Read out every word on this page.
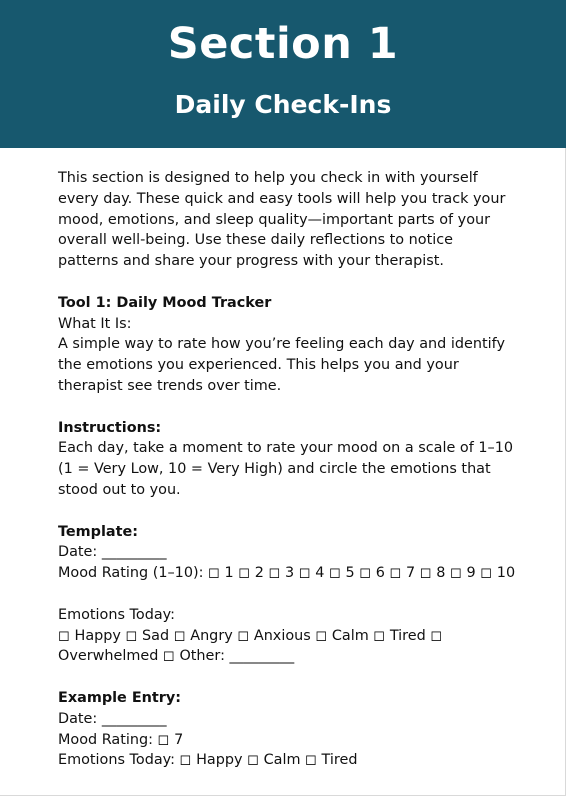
Section 1
Daily Check-Ins
This section is designed to help you check in with yourself
every day. These quick and easy tools will help you track your
mood, emotions, and sleep quality—important parts of your
overall well-being. Use these daily reflections to notice
patterns and share your progress with your therapist.
Tool 1: Daily Mood Tracker
What It Is:
A simple way to rate how you’re feeling each day and identify
the emotions you experienced. This helps you and your
therapist see trends over time.
Instructions:
Each day, take a moment to rate your mood on a scale of 1–10
(1 = Very Low, 10 = Very High) and circle the emotions that
stood out to you.
Template:
Date: _________
Mood Rating (1–10): ◻ 1 ◻ 2 ◻ 3 ◻ 4 ◻ 5 ◻ 6 ◻ 7 ◻ 8 ◻ 9 ◻ 10
Emotions Today:
◻ Happy ◻ Sad ◻ Angry ◻ Anxious ◻ Calm ◻ Tired ◻
Overwhelmed ◻ Other: _________
Example Entry:
Date: _________
Mood Rating: ◻ 7
Emotions Today: ◻ Happy ◻ Calm ◻ Tired
